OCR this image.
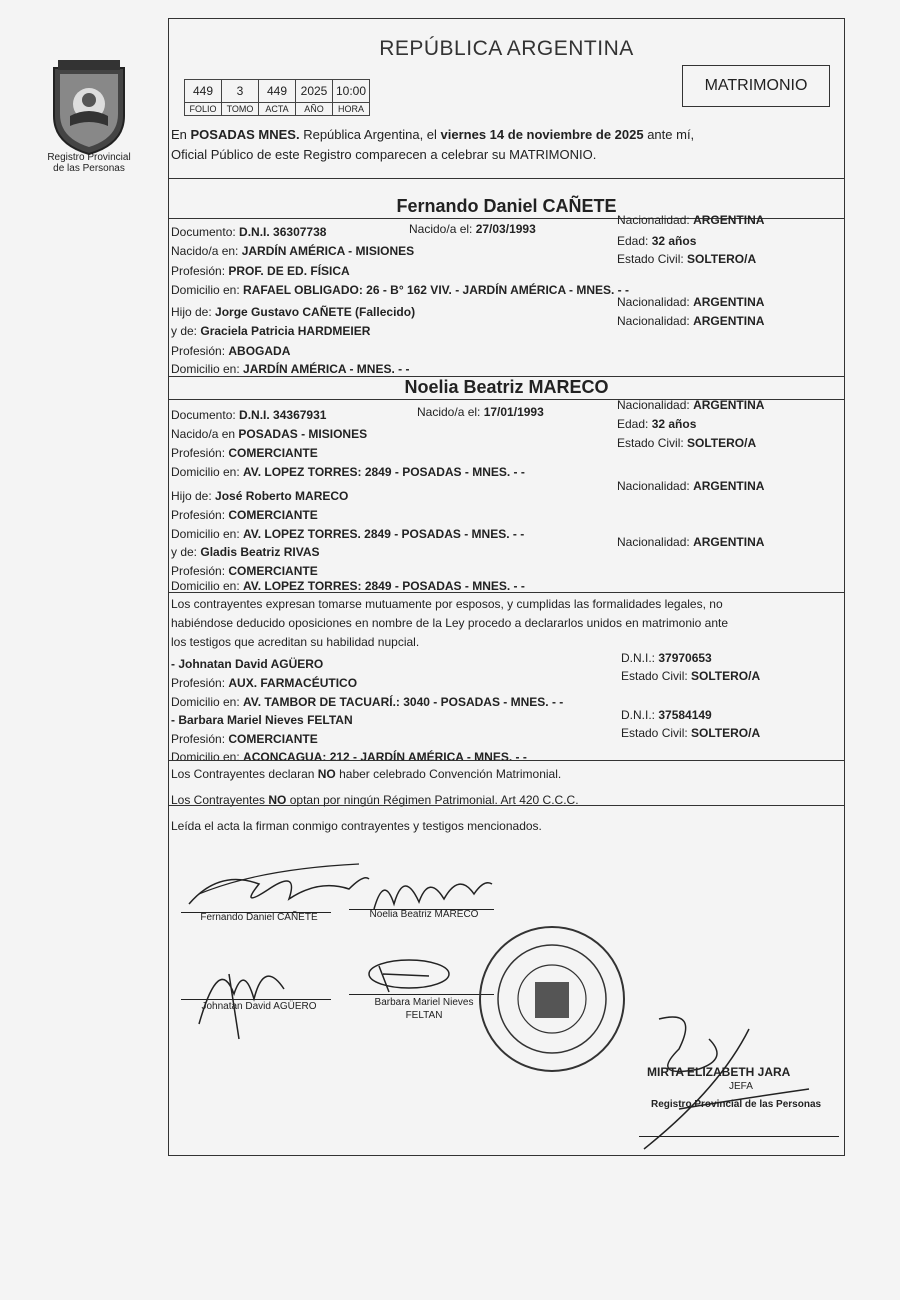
Registro Provincial
de las Personas
REPÚBLICA ARGENTINA
449	3	449	2025	10:00
FOLIO	TOMO	ACTA	AÑO	HORA
MATRIMONIO
En POSADAS MNES. República Argentina, el viernes 14 de noviembre de 2025 ante mí,
Oficial Público de este Registro comparecen a celebrar su MATRIMONIO.
Fernando Daniel CAÑETE
Documento: D.N.I. 36307738	Nacido/a el: 27/03/1993
Nacionalidad: ARGENTINA
Nacido/a en: JARDÍN AMÉRICA - MISIONES
Edad: 32 años
Profesión: PROF. DE ED. FÍSICA
Estado Civil: SOLTERO/A
Domicilio en: RAFAEL OBLIGADO: 26 - B° 162 VIV. - JARDÍN AMÉRICA - MNES. - -
Hijo de: Jorge Gustavo CAÑETE (Fallecido)
Nacionalidad: ARGENTINA
y de: Graciela Patricia HARDMEIER
Nacionalidad: ARGENTINA
Profesión: ABOGADA
Domicilio en: JARDÍN AMÉRICA - MNES. - -
Noelia Beatriz MARECO
Documento: D.N.I. 34367931	Nacido/a el: 17/01/1993	Nacionalidad: ARGENTINA
Nacido/a en POSADAS - MISIONES
Edad: 32 años
Profesión: COMERCIANTE
Estado Civil: SOLTERO/A
Domicilio en: AV. LOPEZ TORRES: 2849 - POSADAS - MNES. - -
Hijo de: José Roberto MARECO
Nacionalidad: ARGENTINA
Profesión: COMERCIANTE
Domicilio en: AV. LOPEZ TORRES. 2849 - POSADAS - MNES. - -
y de: Gladis Beatriz RIVAS
Nacionalidad: ARGENTINA
Profesión: COMERCIANTE
Domicilio en: AV. LOPEZ TORRES: 2849 - POSADAS - MNES. - -
Los contrayentes expresan tomarse mutuamente por esposos, y cumplidas las formalidades legales, no
habiéndose deducido oposiciones en nombre de la Ley procedo a declararlos unidos en matrimonio ante
los testigos que acreditan su habilidad nupcial.
- Johnatan David AGÜERO	D.N.I.: 37970653
Profesión: AUX. FARMACÉUTICO	Estado Civil: SOLTERO/A
Domicilio en: AV. TAMBOR DE TACUARÍ.: 3040 - POSADAS - MNES. - -
- Barbara Mariel Nieves FELTAN	D.N.I.: 37584149
Profesión: COMERCIANTE	Estado Civil: SOLTERO/A
Domicilio en: ACONCAGUA: 212 - JARDÍN AMÉRICA - MNES. - -
Los Contrayentes declaran NO haber celebrado Convención Matrimonial.
Los Contrayentes NO optan por ningún Régimen Patrimonial. Art 420 C.C.C.
Leída el acta la firman conmigo contrayentes y testigos mencionados.
Fernando Daniel CAÑETE	Noelia Beatriz MARECO
Johnatan David AGÜERO	Barbara Mariel Nieves
FELTAN
MIRTA ELIZABETH JARA
JEFA
Registro Provincial de las Personas
